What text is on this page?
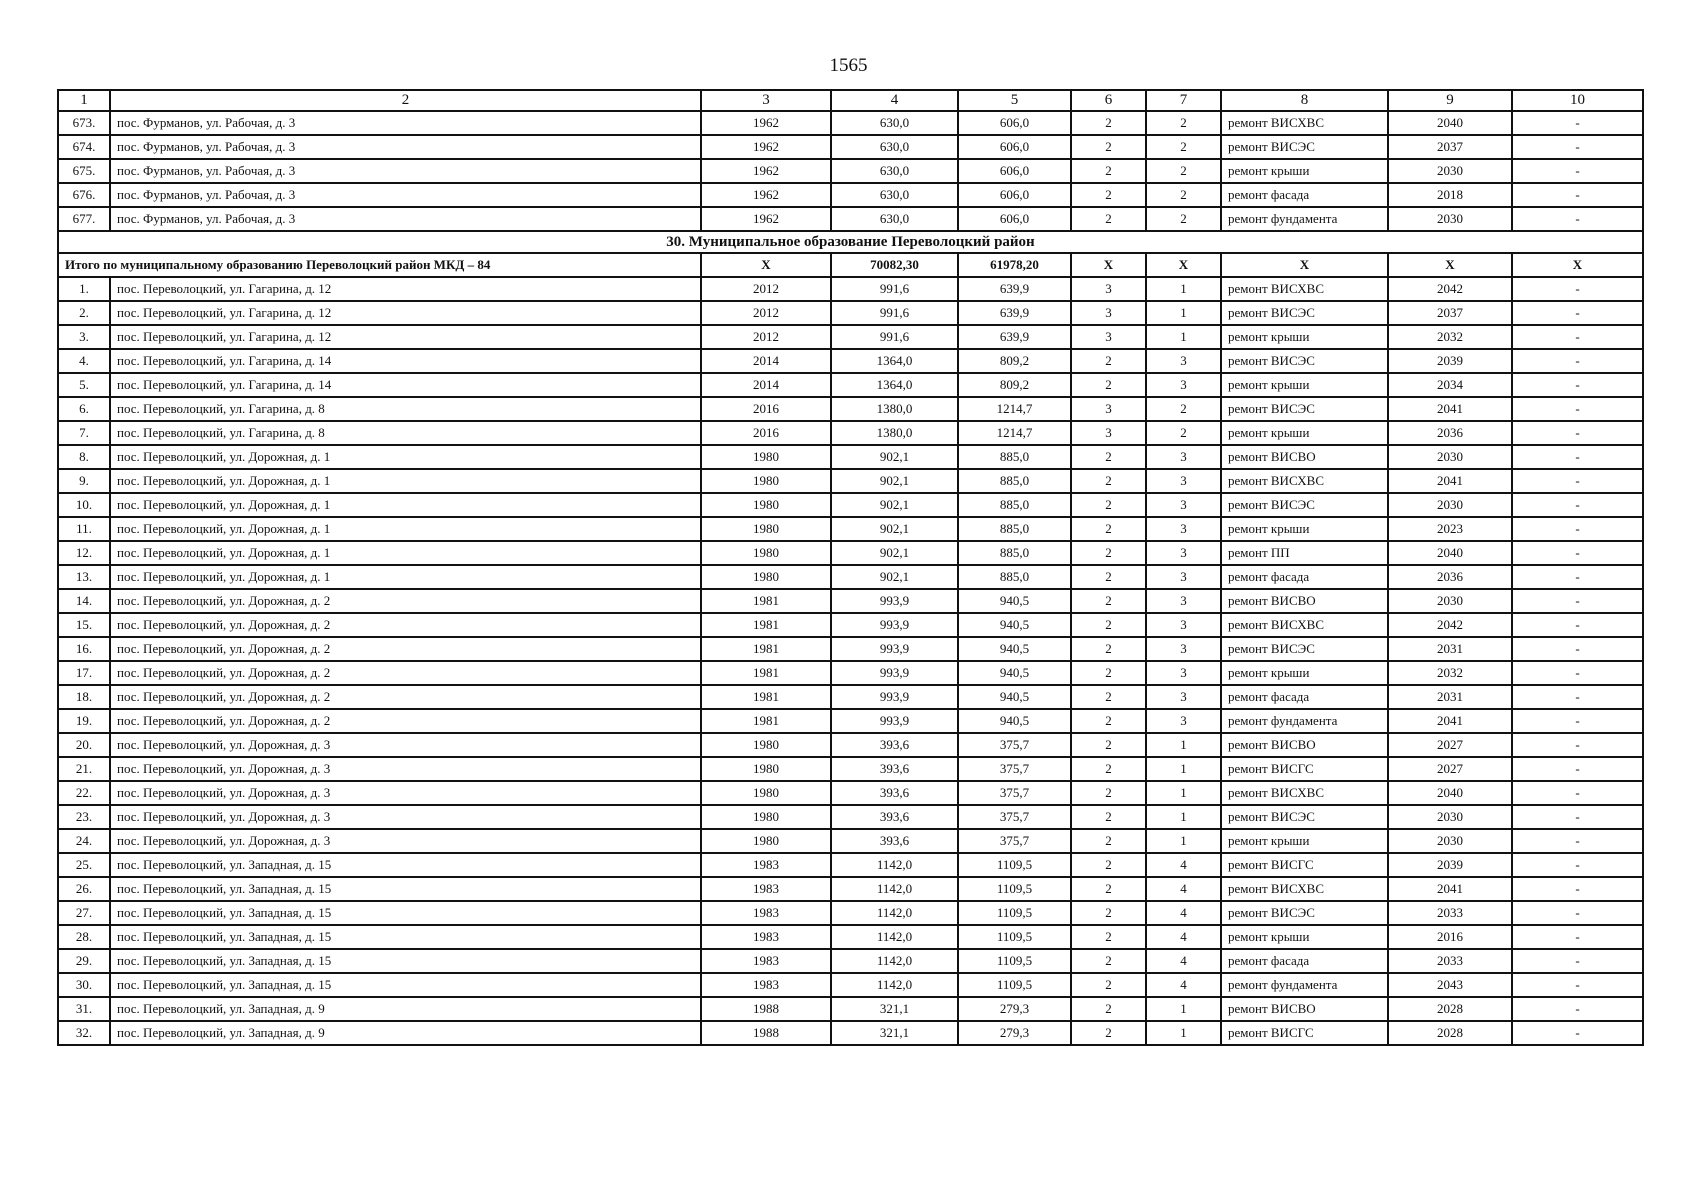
1565
1	2	3	4	5	6	7	8	9	10
673.	пос. Фурманов, ул. Рабочая, д. 3	1962	630,0	606,0	2	2	ремонт ВИСХВС	2040	-
674.	пос. Фурманов, ул. Рабочая, д. 3	1962	630,0	606,0	2	2	ремонт ВИСЭС	2037	-
675.	пос. Фурманов, ул. Рабочая, д. 3	1962	630,0	606,0	2	2	ремонт крыши	2030	-
676.	пос. Фурманов, ул. Рабочая, д. 3	1962	630,0	606,0	2	2	ремонт фасада	2018	-
677.	пос. Фурманов, ул. Рабочая, д. 3	1962	630,0	606,0	2	2	ремонт фундамента	2030	-
30. Муниципальное образование Переволоцкий район									
Итого по муниципальному образованию Переволоцкий район МКД – 84		X	70082,30	61978,20	X	X	X	X	X
1.	пос. Переволоцкий, ул. Гагарина, д. 12	2012	991,6	639,9	3	1	ремонт ВИСХВС	2042	-
2.	пос. Переволоцкий, ул. Гагарина, д. 12	2012	991,6	639,9	3	1	ремонт ВИСЭС	2037	-
3.	пос. Переволоцкий, ул. Гагарина, д. 12	2012	991,6	639,9	3	1	ремонт крыши	2032	-
4.	пос. Переволоцкий, ул. Гагарина, д. 14	2014	1364,0	809,2	2	3	ремонт ВИСЭС	2039	-
5.	пос. Переволоцкий, ул. Гагарина, д. 14	2014	1364,0	809,2	2	3	ремонт крыши	2034	-
6.	пос. Переволоцкий, ул. Гагарина, д. 8	2016	1380,0	1214,7	3	2	ремонт ВИСЭС	2041	-
7.	пос. Переволоцкий, ул. Гагарина, д. 8	2016	1380,0	1214,7	3	2	ремонт крыши	2036	-
8.	пос. Переволоцкий, ул. Дорожная, д. 1	1980	902,1	885,0	2	3	ремонт ВИСВО	2030	-
9.	пос. Переволоцкий, ул. Дорожная, д. 1	1980	902,1	885,0	2	3	ремонт ВИСХВС	2041	-
10.	пос. Переволоцкий, ул. Дорожная, д. 1	1980	902,1	885,0	2	3	ремонт ВИСЭС	2030	-
11.	пос. Переволоцкий, ул. Дорожная, д. 1	1980	902,1	885,0	2	3	ремонт крыши	2023	-
12.	пос. Переволоцкий, ул. Дорожная, д. 1	1980	902,1	885,0	2	3	ремонт ПП	2040	-
13.	пос. Переволоцкий, ул. Дорожная, д. 1	1980	902,1	885,0	2	3	ремонт фасада	2036	-
14.	пос. Переволоцкий, ул. Дорожная, д. 2	1981	993,9	940,5	2	3	ремонт ВИСВО	2030	-
15.	пос. Переволоцкий, ул. Дорожная, д. 2	1981	993,9	940,5	2	3	ремонт ВИСХВС	2042	-
16.	пос. Переволоцкий, ул. Дорожная, д. 2	1981	993,9	940,5	2	3	ремонт ВИСЭС	2031	-
17.	пос. Переволоцкий, ул. Дорожная, д. 2	1981	993,9	940,5	2	3	ремонт крыши	2032	-
18.	пос. Переволоцкий, ул. Дорожная, д. 2	1981	993,9	940,5	2	3	ремонт фасада	2031	-
19.	пос. Переволоцкий, ул. Дорожная, д. 2	1981	993,9	940,5	2	3	ремонт фундамента	2041	-
20.	пос. Переволоцкий, ул. Дорожная, д. 3	1980	393,6	375,7	2	1	ремонт ВИСВО	2027	-
21.	пос. Переволоцкий, ул. Дорожная, д. 3	1980	393,6	375,7	2	1	ремонт ВИСГС	2027	-
22.	пос. Переволоцкий, ул. Дорожная, д. 3	1980	393,6	375,7	2	1	ремонт ВИСХВС	2040	-
23.	пос. Переволоцкий, ул. Дорожная, д. 3	1980	393,6	375,7	2	1	ремонт ВИСЭС	2030	-
24.	пос. Переволоцкий, ул. Дорожная, д. 3	1980	393,6	375,7	2	1	ремонт крыши	2030	-
25.	пос. Переволоцкий, ул. Западная, д. 15	1983	1142,0	1109,5	2	4	ремонт ВИСГС	2039	-
26.	пос. Переволоцкий, ул. Западная, д. 15	1983	1142,0	1109,5	2	4	ремонт ВИСХВС	2041	-
27.	пос. Переволоцкий, ул. Западная, д. 15	1983	1142,0	1109,5	2	4	ремонт ВИСЭС	2033	-
28.	пос. Переволоцкий, ул. Западная, д. 15	1983	1142,0	1109,5	2	4	ремонт крыши	2016	-
29.	пос. Переволоцкий, ул. Западная, д. 15	1983	1142,0	1109,5	2	4	ремонт фасада	2033	-
30.	пос. Переволоцкий, ул. Западная, д. 15	1983	1142,0	1109,5	2	4	ремонт фундамента	2043	-
31.	пос. Переволоцкий, ул. Западная, д. 9	1988	321,1	279,3	2	1	ремонт ВИСВО	2028	-
32.	пос. Переволоцкий, ул. Западная, д. 9	1988	321,1	279,3	2	1	ремонт ВИСГС	2028	-
